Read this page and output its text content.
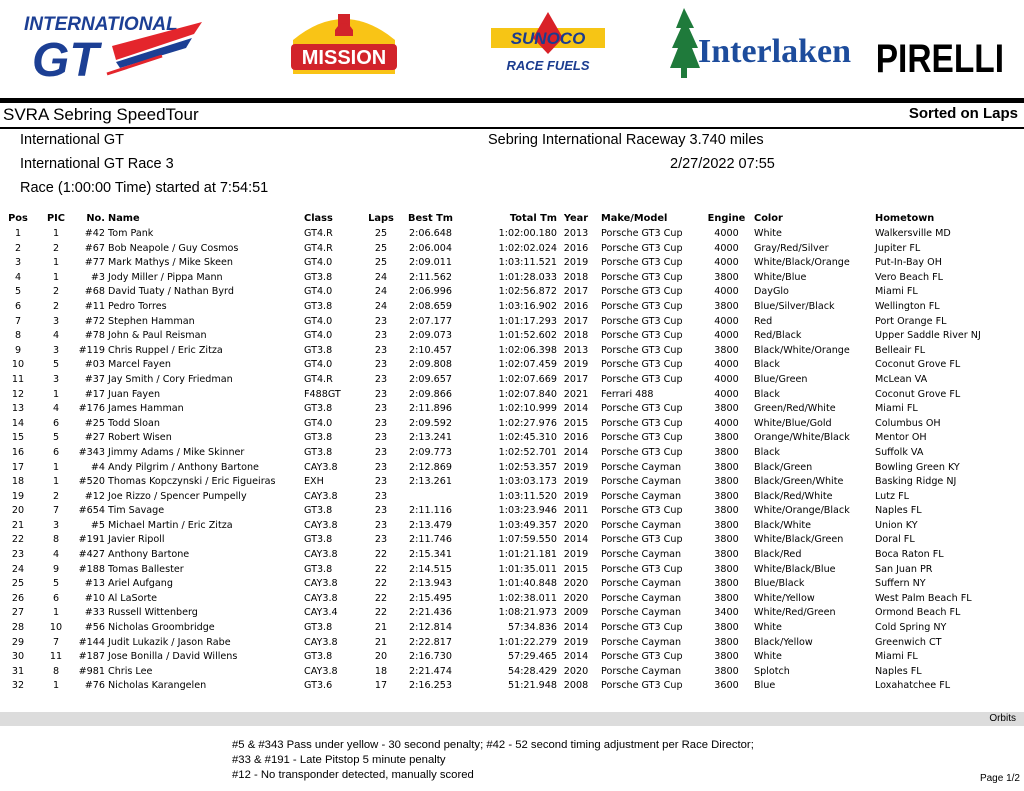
INTERNATIONAL
GT	MISSION
SUNOCO
RACE FUELS	Interlaken PIRELLI
SVRA Sebring SpeedTour	Sorted on Laps
International GT
International GT Race 3
Race (1:00:00 Time) started at 7:54:51
Sebring International Raceway 3.740 miles
2/27/2022 07:55
Pos	PIC	No.	Name	Class	Laps	Best Tm	Total Tm	Year	Make/Model	Engine	Color	Hometown
1	1	#42	Tom Pank	GT4.R	25	2:06.648	1:02:00.180	2013	Porsche GT3 Cup	4000	White	Walkersville MD
2	2	#67	Bob Neapole / Guy Cosmos	GT4.R	25	2:06.004	1:02:02.024	2016	Porsche GT3 Cup	4000	Gray/Red/Silver	Jupiter FL
3	1	#77	Mark Mathys / Mike Skeen	GT4.0	25	2:09.011	1:03:11.521	2019	Porsche GT3 Cup	4000	White/Black/Orange	Put-In-Bay OH
4	1	#3	Jody Miller / Pippa Mann	GT3.8	24	2:11.562	1:01:28.033	2018	Porsche GT3 Cup	3800	White/Blue	Vero Beach FL
5	2	#68	David Tuaty / Nathan Byrd	GT4.0	24	2:06.996	1:02:56.872	2017	Porsche GT3 Cup	4000	DayGlo	Miami FL
6	2	#11	Pedro Torres	GT3.8	24	2:08.659	1:03:16.902	2016	Porsche GT3 Cup	3800	Blue/Silver/Black	Wellington FL
7	3	#72	Stephen Hamman	GT4.0	23	2:07.177	1:01:17.293	2017	Porsche GT3 Cup	4000	Red	Port Orange FL
8	4	#78	John & Paul Reisman	GT4.0	23	2:09.073	1:01:52.602	2018	Porsche GT3 Cup	4000	Red/Black	Upper Saddle River NJ
9	3	#119	Chris Ruppel / Eric Zitza	GT3.8	23	2:10.457	1:02:06.398	2013	Porsche GT3 Cup	3800	Black/White/Orange	Belleair FL
10	5	#03	Marcel Fayen	GT4.0	23	2:09.808	1:02:07.459	2019	Porsche GT3 Cup	4000	Black	Coconut Grove FL
11	3	#37	Jay Smith / Cory Friedman	GT4.R	23	2:09.657	1:02:07.669	2017	Porsche GT3 Cup	4000	Blue/Green	McLean VA
12	1	#17	Juan Fayen	F488GT	23	2:09.866	1:02:07.840	2021	Ferrari 488	4000	Black	Coconut Grove FL
13	4	#176	James Hamman	GT3.8	23	2:11.896	1:02:10.999	2014	Porsche GT3 Cup	3800	Green/Red/White	Miami FL
14	6	#25	Todd Sloan	GT4.0	23	2:09.592	1:02:27.976	2015	Porsche GT3 Cup	4000	White/Blue/Gold	Columbus OH
15	5	#27	Robert Wisen	GT3.8	23	2:13.241	1:02:45.310	2016	Porsche GT3 Cup	3800	Orange/White/Black	Mentor OH
16	6	#343	Jimmy Adams / Mike Skinner	GT3.8	23	2:09.773	1:02:52.701	2014	Porsche GT3 Cup	3800	Black	Suffolk VA
17	1	#4	Andy Pilgrim / Anthony Bartone	CAY3.8	23	2:12.869	1:02:53.357	2019	Porsche Cayman	3800	Black/Green	Bowling Green KY
18	1	#520	Thomas Kopczynski / Eric Figueiras	EXH	23	2:13.261	1:03:03.173	2019	Porsche Cayman	3800	Black/Green/White	Basking Ridge NJ
19	2	#12	Joe Rizzo / Spencer Pumpelly	CAY3.8	23		1:03:11.520	2019	Porsche Cayman	3800	Black/Red/White	Lutz FL
20	7	#654	Tim Savage	GT3.8	23	2:11.116	1:03:23.946	2011	Porsche GT3 Cup	3800	White/Orange/Black	Naples FL
21	3	#5	Michael Martin / Eric Zitza	CAY3.8	23	2:13.479	1:03:49.357	2020	Porsche Cayman	3800	Black/White	Union KY
22	8	#191	Javier Ripoll	GT3.8	23	2:11.746	1:07:59.550	2014	Porsche GT3 Cup	3800	White/Black/Green	Doral FL
23	4	#427	Anthony Bartone	CAY3.8	22	2:15.341	1:01:21.181	2019	Porsche Cayman	3800	Black/Red	Boca Raton FL
24	9	#188	Tomas Ballester	GT3.8	22	2:14.515	1:01:35.011	2015	Porsche GT3 Cup	3800	White/Black/Blue	San Juan PR
25	5	#13	Ariel Aufgang	CAY3.8	22	2:13.943	1:01:40.848	2020	Porsche Cayman	3800	Blue/Black	Suffern NY
26	6	#10	Al LaSorte	CAY3.8	22	2:15.495	1:02:38.011	2020	Porsche Cayman	3800	White/Yellow	West Palm Beach FL
27	1	#33	Russell Wittenberg	CAY3.4	22	2:21.436	1:08:21.973	2009	Porsche Cayman	3400	White/Red/Green	Ormond Beach FL
28	10	#56	Nicholas Groombridge	GT3.8	21	2:12.814	57:34.836	2014	Porsche GT3 Cup	3800	White	Cold Spring NY
29	7	#144	Judit Lukazik / Jason Rabe	CAY3.8	21	2:22.817	1:01:22.279	2019	Porsche Cayman	3800	Black/Yellow	Greenwich CT
30	11	#187	Jose Bonilla / David Willens	GT3.8	20	2:16.730	57:29.465	2014	Porsche GT3 Cup	3800	White	Miami FL
31	8	#981	Chris Lee	CAY3.8	18	2:21.474	54:28.429	2020	Porsche Cayman	3800	Splotch	Naples FL
32	1	#76	Nicholas Karangelen	GT3.6	17	2:16.253	51:21.948	2008	Porsche GT3 Cup	3600	Blue	Loxahatchee FL
Orbits
#5 & #343 Pass under yellow - 30 second penalty; #42 - 52 second timing adjustment per Race Director;
#33 & #191 - Late Pitstop 5 minute penalty
#12 - No transponder detected, manually scored	Page 1/2
